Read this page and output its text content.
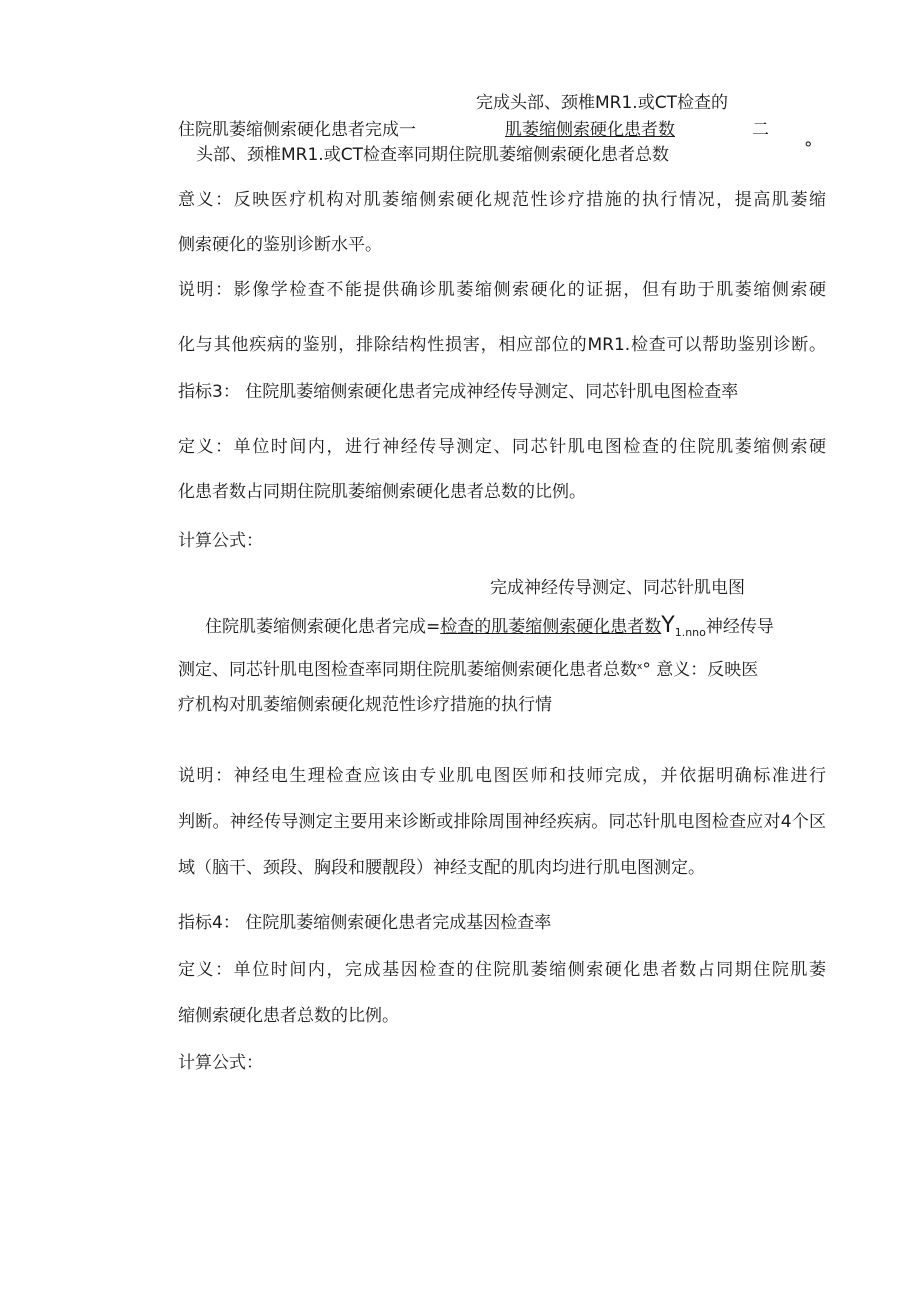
完成头部、颈椎MR1.或CT检查的
住院肌萎缩侧索硬化患者完成一	肌萎缩侧索硬化患者数	二
头部、颈椎MR1.或CT检查率同期住院肌萎缩侧索硬化患者总数	°
意义：反映医疗机构对肌萎缩侧索硬化规范性诊疗措施的执行情况，提高肌萎缩
侧索硬化的鉴别诊断水平。
说明：影像学检查不能提供确诊肌萎缩侧索硬化的证据，但有助于肌萎缩侧索硬
化与其他疾病的鉴别，排除结构性损害，相应部位的MR1.检查可以帮助鉴别诊断。
指标3： 住院肌萎缩侧索硬化患者完成神经传导测定、同芯针肌电图检查率
定义：单位时间内，进行神经传导测定、同芯针肌电图检查的住院肌萎缩侧索硬
化患者数占同期住院肌萎缩侧索硬化患者总数的比例。
计算公式：
完成神经传导测定、同芯针肌电图
住院肌萎缩侧索硬化患者完成=检查的肌萎缩侧索硬化患者数$Y_{1.nno}$神经传导
测定、同芯针肌电图检查率同期住院肌萎缩侧索硬化患者总数$^x$° 意义：反映医
疗机构对肌萎缩侧索硬化规范性诊疗措施的执行情
说明：神经电生理检查应该由专业肌电图医师和技师完成，并依据明确标准进行
判断。神经传导测定主要用来诊断或排除周围神经疾病。同芯针肌电图检查应对4个区
域（脑干、颈段、胸段和腰靓段）神经支配的肌肉均进行肌电图测定。
指标4： 住院肌萎缩侧索硬化患者完成基因检查率
定义：单位时间内，完成基因检查的住院肌萎缩侧索硬化患者数占同期住院肌萎
缩侧索硬化患者总数的比例。
计算公式：
